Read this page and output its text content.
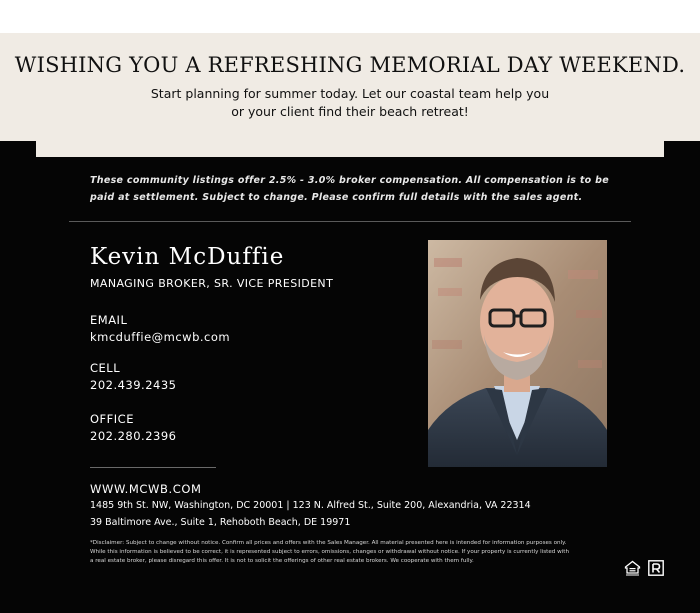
WISHING YOU A REFRESHING MEMORIAL DAY WEEKEND.
Start planning for summer today. Let our coastal team help you
or your client find their beach retreat!
These community listings offer 2.5% - 3.0% broker compensation. All compensation is to be paid at settlement. Subject to change. Please confirm full details with the sales agent.
Kevin McDuffie
MANAGING BROKER, SR. VICE PRESIDENT
EMAIL
kmcduffie@mcwb.com
CELL
202.439.2435
OFFICE
202.280.2396
WWW.MCWB.COM
1485 9th St. NW, Washington, DC 20001 | 123 N. Alfred St., Suite 200, Alexandria, VA 22314
39 Baltimore Ave., Suite 1, Rehoboth Beach, DE 19971
*Disclaimer: Subject to change without notice. Confirm all prices and offers with the Sales Manager. All material presented here is intended for information purposes only. While this information is believed to be correct, it is represented subject to errors, omissions, changes or withdrawal without notice. If your property is currently listed with a real estate broker, please disregard this offer. It is not to solicit the offerings of other real estate brokers. We cooperate with them fully.
